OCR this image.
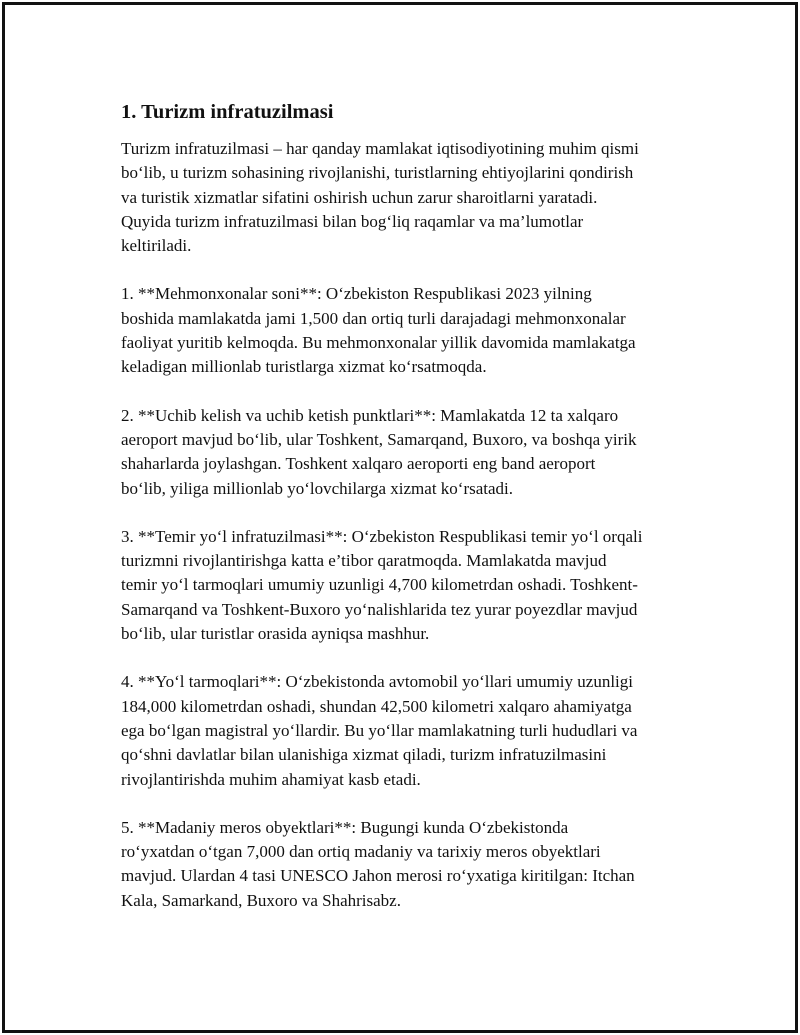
1. Turizm infratuzilmasi

Turizm infratuzilmasi – har qanday mamlakat iqtisodiyotining muhim qismi
bo‘lib, u turizm sohasining rivojlanishi, turistlarning ehtiyojlarini qondirish
va turistik xizmatlar sifatini oshirish uchun zarur sharoitlarni yaratadi.
Quyida turizm infratuzilmasi bilan bog‘liq raqamlar va ma’lumotlar
keltiriladi.

1. **Mehmonxonalar soni**: O‘zbekiston Respublikasi 2023 yilning
boshida mamlakatda jami 1,500 dan ortiq turli darajadagi mehmonxonalar
faoliyat yuritib kelmoqda. Bu mehmonxonalar yillik davomida mamlakatga
keladigan millionlab turistlarga xizmat ko‘rsatmoqda.

2. **Uchib kelish va uchib ketish punktlari**: Mamlakatda 12 ta xalqaro
aeroport mavjud bo‘lib, ular Toshkent, Samarqand, Buxoro, va boshqa yirik
shaharlarda joylashgan. Toshkent xalqaro aeroporti eng band aeroport
bo‘lib, yiliga millionlab yo‘lovchilarga xizmat ko‘rsatadi.

3. **Temir yo‘l infratuzilmasi**: O‘zbekiston Respublikasi temir yo‘l orqali
turizmni rivojlantirishga katta e’tibor qaratmoqda. Mamlakatda mavjud
temir yo‘l tarmoqlari umumiy uzunligi 4,700 kilometrdan oshadi. Toshkent-
Samarqand va Toshkent-Buxoro yo‘nalishlarida tez yurar poyezdlar mavjud
bo‘lib, ular turistlar orasida ayniqsa mashhur.

4. **Yo‘l tarmoqlari**: O‘zbekistonda avtomobil yo‘llari umumiy uzunligi
184,000 kilometrdan oshadi, shundan 42,500 kilometri xalqaro ahamiyatga
ega bo‘lgan magistral yo‘llardir. Bu yo‘llar mamlakatning turli hududlari va
qo‘shni davlatlar bilan ulanishiga xizmat qiladi, turizm infratuzilmasini
rivojlantirishda muhim ahamiyat kasb etadi.

5. **Madaniy meros obyektlari**: Bugungi kunda O‘zbekistonda
ro‘yxatdan o‘tgan 7,000 dan ortiq madaniy va tarixiy meros obyektlari
mavjud. Ulardan 4 tasi UNESCO Jahon merosi ro‘yxatiga kiritilgan: Itchan
Kala, Samarkand, Buxoro va Shahrisabz.
